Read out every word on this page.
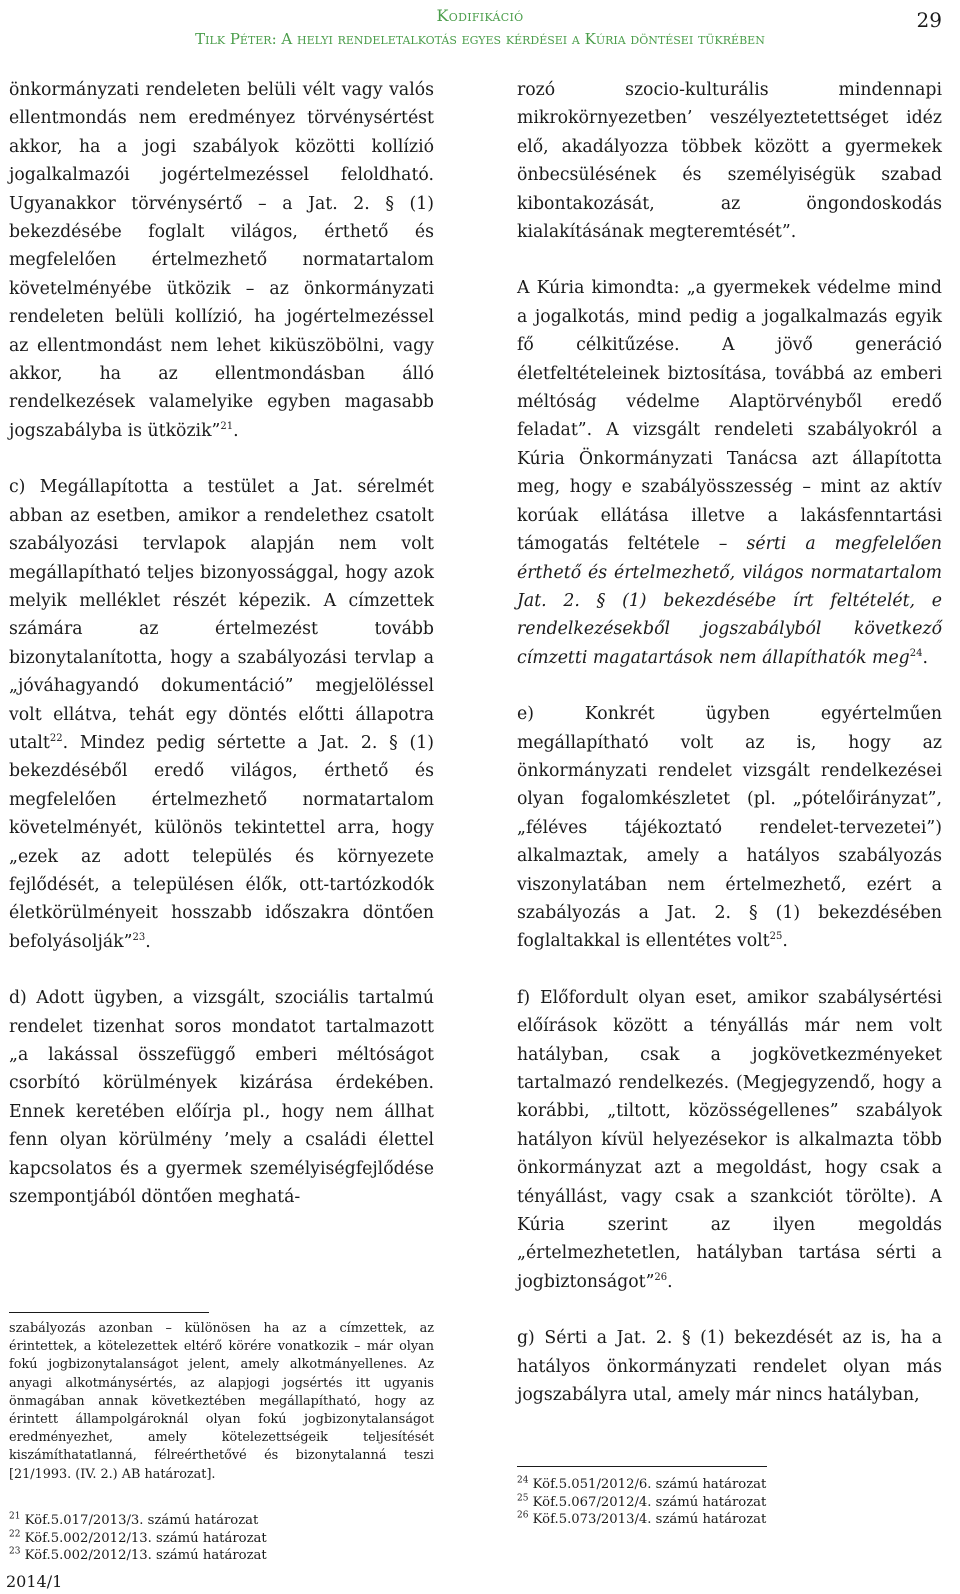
Kodifikáció
Tilk Péter: A helyi rendeletalkotás egyes kérdései a Kúria döntései tükrében
29

önkormányzati rendeleten belüli vélt vagy valós ellentmondás nem eredményez törvénysértést akkor, ha a jogi szabályok közötti kollízió jogalkalmazói jogértelmezéssel feloldható. Ugyanakkor törvénysértő – a Jat. 2. § (1) bekezdésébe foglalt világos, érthető és megfelelően értelmezhető normatartalom követelményébe ütközik – az önkormányzati rendeleten belüli kollízió, ha jogértelmezéssel az ellentmondást nem lehet kiküszöbölni, vagy akkor, ha az ellentmondásban álló rendelkezések valamelyike egyben magasabb jogszabályba is ütközik”$^{21}$.

c) Megállapította a testület a Jat. sérelmét abban az esetben, amikor a rendelethez csatolt szabályozási tervlapok alapján nem volt megállapítható teljes bizonyossággal, hogy azok melyik melléklet részét képezik. A címzettek számára az értelmezést tovább bizonytalanította, hogy a szabályozási tervlap a „jóváhagyandó dokumentáció” megjelöléssel volt ellátva, tehát egy döntés előtti állapotra utalt$^{22}$. Mindez pedig sértette a Jat. 2. § (1) bekezdéséből eredő világos, érthető és megfelelően értelmezhető normatartalom követelményét, különös tekintettel arra, hogy „ezek az adott település és környezete fejlődését, a településen élők, ott-tartózkodók életkörülményeit hosszabb időszakra döntően befolyásolják”$^{23}$.

d) Adott ügyben, a vizsgált, szociális tartalmú rendelet tizenhat soros mondatot tartalmazott „a lakással összefüggő emberi méltóságot csorbító körülmények kizárása érdekében. Ennek keretében előírja pl., hogy nem állhat fenn olyan körülmény ’mely a családi élettel kapcsolatos és a gyermek személyiségfejlődése szempontjából döntően meghatá-

szabályozás azonban – különösen ha az a címzettek, az érintettek, a kötelezettek eltérő körére vonatkozik – már olyan fokú jogbizonytalanságot jelent, amely alkotmányellenes. Az anyagi alkotmánysértés, az alapjogi jogsértés itt ugyanis önmagában annak következtében megállapítható, hogy az érintett állampolgároknál olyan fokú jogbizonytalanságot eredményezhet, amely kötelezettségeik teljesítését kiszámíthatatlanná, félreérthetővé és bizonytalanná teszi [21/1993. (IV. 2.) AB határozat].
$^{21}$ Köf.5.017/2013/3. számú határozat
$^{22}$ Köf.5.002/2012/13. számú határozat
$^{23}$ Köf.5.002/2012/13. számú határozat
2014/1

rozó szocio-kulturális mindennapi mikrokörnyezetben’ veszélyeztetettséget idéz elő, akadályozza többek között a gyermekek önbecsülésének és személyiségük szabad kibontakozását, az öngondoskodás kialakításának megteremtését”.

A Kúria kimondta: „a gyermekek védelme mind a jogalkotás, mind pedig a jogalkalmazás egyik fő célkitűzése. A jövő generáció életfeltételeinek biztosítása, továbbá az emberi méltóság védelme Alaptörvényből eredő feladat”. A vizsgált rendeleti szabályokról a Kúria Önkormányzati Tanácsa azt állapította meg, hogy e szabályösszesség – mint az aktív korúak ellátása illetve a lakásfenntartási támogatás feltétele – sérti a megfelelően érthető és értelmezhető, világos normatartalom Jat. 2. § (1) bekezdésébe írt feltételét, e rendelkezésekből jogszabályból következő címzetti magatartások nem állapíthatók meg$^{24}$.

e) Konkrét ügyben egyértelműen megállapítható volt az is, hogy az önkormányzati rendelet vizsgált rendelkezései olyan fogalomkészletet (pl. „pótelőirányzat”, „féléves tájékoztató rendelet-tervezetei”) alkalmaztak, amely a hatályos szabályozás viszonylatában nem értelmezhető, ezért a szabályozás a Jat. 2. § (1) bekezdésében foglaltakkal is ellentétes volt$^{25}$.

f) Előfordult olyan eset, amikor szabálysértési előírások között a tényállás már nem volt hatályban, csak a jogkövetkezményeket tartalmazó rendelkezés. (Megjegyzendő, hogy a korábbi, „tiltott, közösségellenes” szabályok hatályon kívül helyezésekor is alkalmazta több önkormányzat azt a megoldást, hogy csak a tényállást, vagy csak a szankciót törölte). A Kúria szerint az ilyen megoldás „értelmezhetetlen, hatályban tartása sérti a jogbiztonságot”$^{26}$.

g) Sérti a Jat. 2. § (1) bekezdését az is, ha a hatályos önkormányzati rendelet olyan más jogszabályra utal, amely már nincs hatályban,

$^{24}$ Köf.5.051/2012/6. számú határozat
$^{25}$ Köf.5.067/2012/4. számú határozat
$^{26}$ Köf.5.073/2013/4. számú határozat
